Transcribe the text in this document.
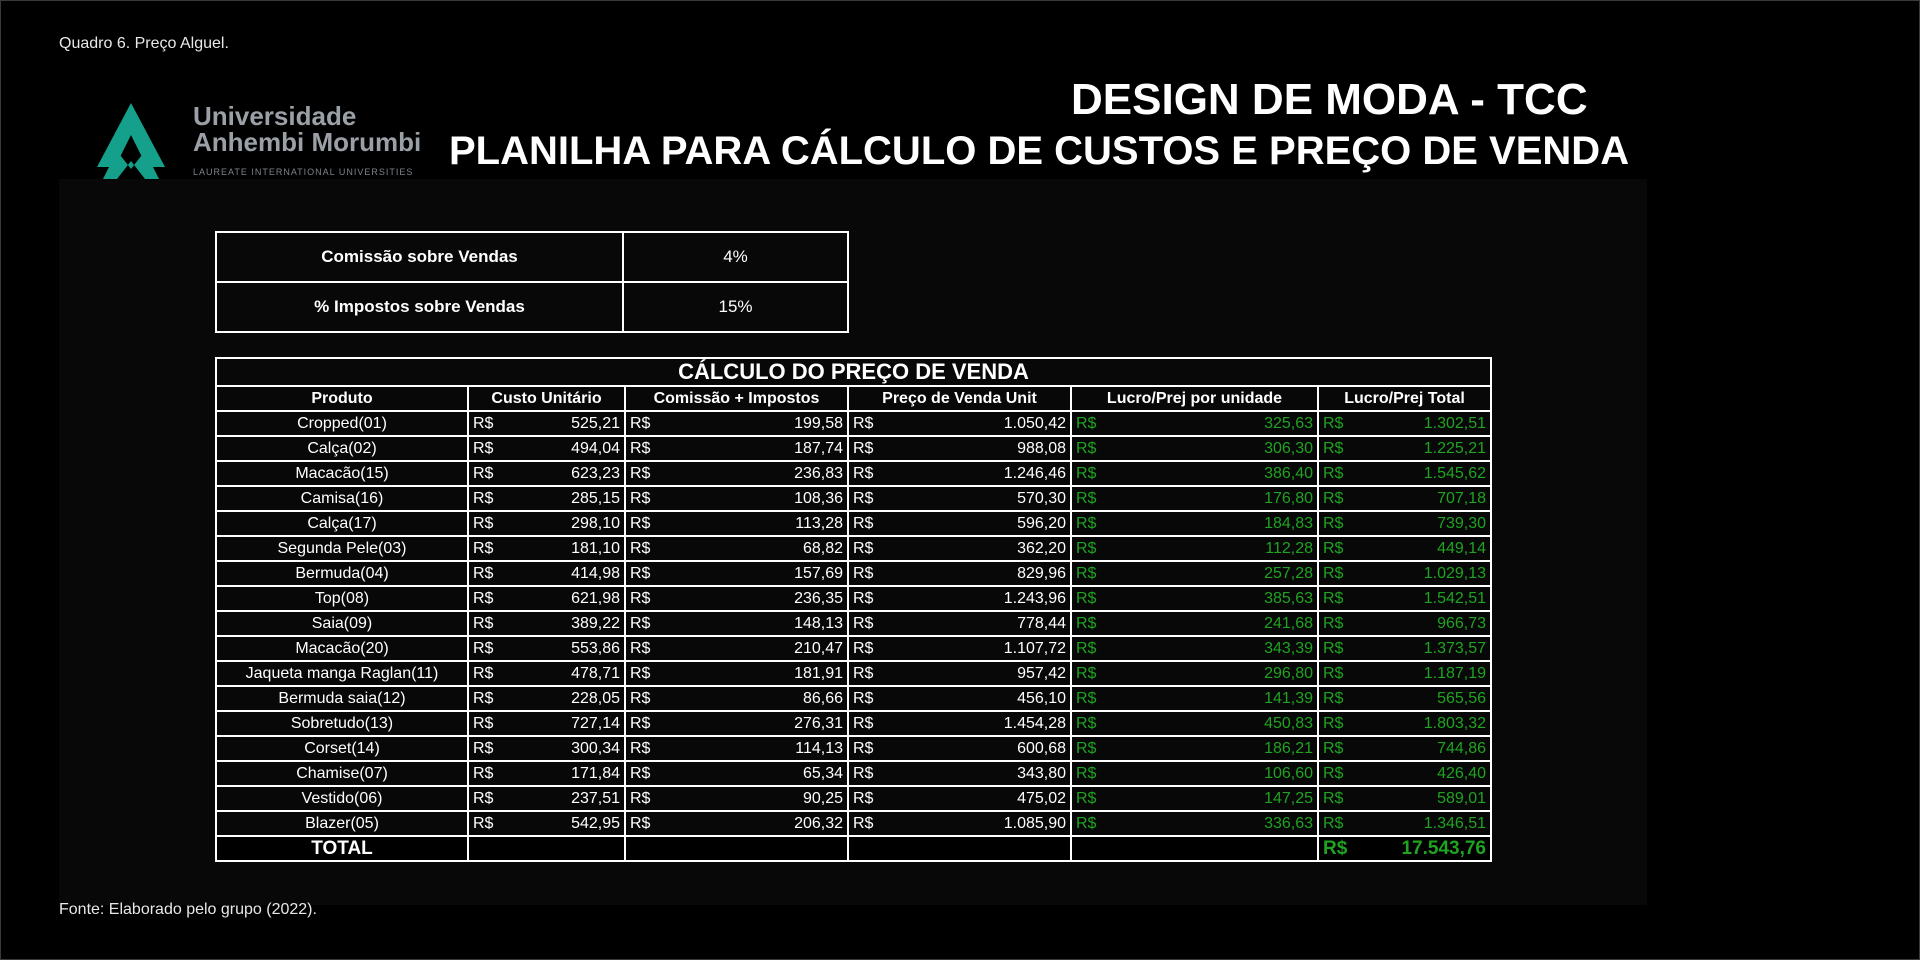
Quadro 6. Preço Alguel.
Universidade
Anhembi Morumbi
LAUREATE INTERNATIONAL UNIVERSITIES
DESIGN DE MODA - TCC
PLANILHA PARA CÁLCULO DE CUSTOS E PREÇO DE VENDA
Comissão sobre Vendas	4%
% Impostos sobre Vendas	15%
CÁLCULO DO PREÇO DE VENDA					
Produto	Custo Unitário	Comissão + Impostos	Preço de Venda Unit	Lucro/Prej por unidade	Lucro/Prej Total
Cropped(01)	R$ 525,21	R$ 199,58	R$ 1.050,42	R$ 325,63	R$ 1.302,51

Calça(02)	R$ 494,04	R$ 187,74	R$ 988,08	R$ 306,30	R$ 1.225,21

Macacão(15)	R$ 623,23	R$ 236,83	R$ 1.246,46	R$ 386,40	R$ 1.545,62

Camisa(16)	R$ 285,15	R$ 108,36	R$ 570,30	R$ 176,80	R$ 707,18

Calça(17)	R$ 298,10	R$ 113,28	R$ 596,20	R$ 184,83	R$ 739,30

Segunda Pele(03)	R$ 181,10	R$ 68,82	R$ 362,20	R$ 112,28	R$ 449,14

Bermuda(04)	R$ 414,98	R$ 157,69	R$ 829,96	R$ 257,28	R$ 1.029,13

Top(08)	R$ 621,98	R$ 236,35	R$ 1.243,96	R$ 385,63	R$ 1.542,51

Saia(09)	R$ 389,22	R$ 148,13	R$ 778,44	R$ 241,68	R$ 966,73

Macacão(20)	R$ 553,86	R$ 210,47	R$ 1.107,72	R$ 343,39	R$ 1.373,57

Jaqueta manga Raglan(11)	R$ 478,71	R$ 181,91	R$ 957,42	R$ 296,80	R$ 1.187,19

Bermuda saia(12)	R$ 228,05	R$ 86,66	R$ 456,10	R$ 141,39	R$ 565,56

Sobretudo(13)	R$ 727,14	R$ 276,31	R$ 1.454,28	R$ 450,83	R$ 1.803,32

Corset(14)	R$ 300,34	R$ 114,13	R$ 600,68	R$ 186,21	R$ 744,86

Chamise(07)	R$ 171,84	R$ 65,34	R$ 343,80	R$ 106,60	R$ 426,40

Vestido(06)	R$ 237,51	R$ 90,25	R$ 475,02	R$ 147,25	R$ 589,01

Blazer(05)	R$ 542,95	R$ 206,32	R$ 1.085,90	R$ 336,63	R$ 1.346,51

TOTAL					R$ 17.543,76
Fonte: Elaborado pelo grupo (2022).
